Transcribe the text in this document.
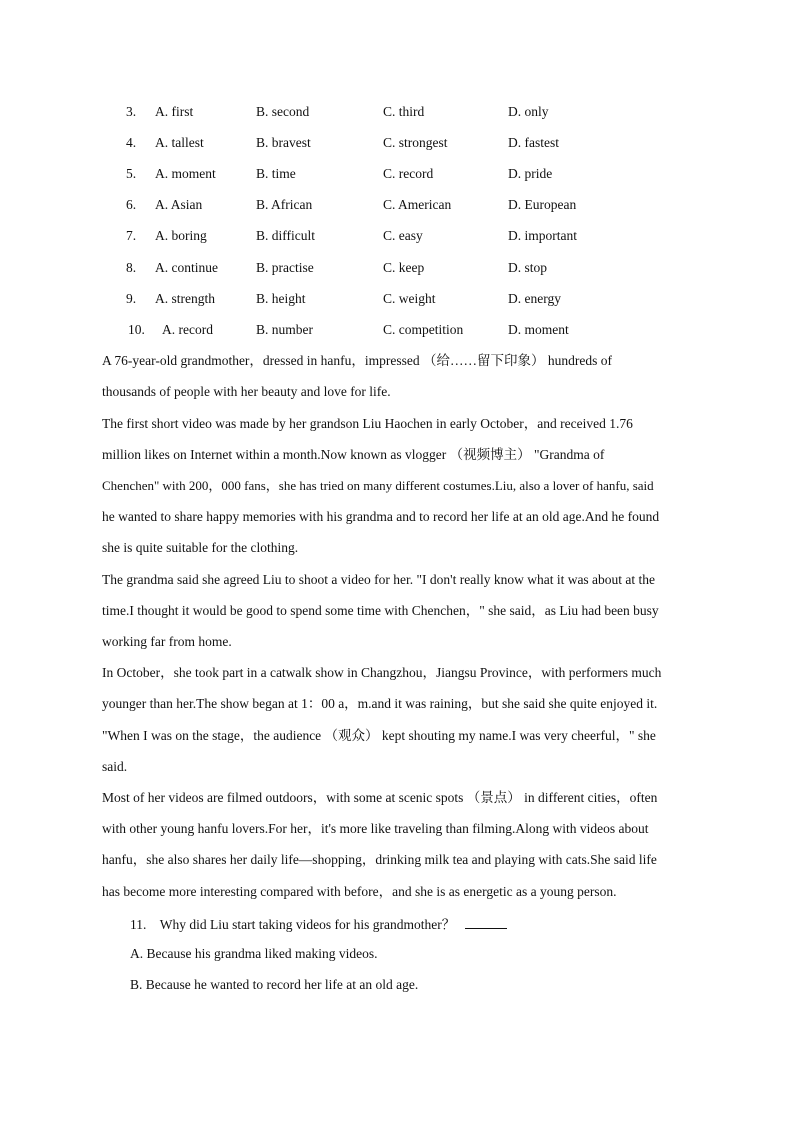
3. A. first	B. second	C. third	D. only
4. A. tallest	B. bravest	C. strongest	D. fastest
5. A. moment	B. time	C. record	D. pride
6. A. Asian	B. African	C. American	D. European
7. A. boring	B. difficult	C. easy	D. important
8. A. continue	B. practise	C. keep	D. stop
9. A. strength	B. height	C. weight	D. energy
10. A. record	B. number	C. competition	D. moment
A 76-year-old grandmother，dressed in hanfu，impressed （给……留下印象） hundreds of
thousands of people with her beauty and love for life.
The first short video was made by her grandson Liu Haochen in early October，and received 1.76
million likes on Internet within a month.Now known as vlogger （视频博主） "Grandma of
Chenchen" with 200，000 fans，she has tried on many different costumes.Liu, also a lover of hanfu, said
he wanted to share happy memories with his grandma and to record her life at an old age.And he found
she is quite suitable for the clothing.
The grandma said she agreed Liu to shoot a video for her. "I don't really know what it was about at the
time.I thought it would be good to spend some time with Chenchen，" she said，as Liu had been busy
working far from home.
In October，she took part in a catwalk show in Changzhou，Jiangsu Province，with performers much
younger than her.The show began at 1：00 a，m.and it was raining，but she said she quite enjoyed it.
"When I was on the stage，the audience （观众） kept shouting my name.I was very cheerful，" she
said.
Most of her videos are filmed outdoors，with some at scenic spots （景点） in different cities，often
with other young hanfu lovers.For her，it's more like traveling than filming.Along with videos about
hanfu，she also shares her daily life—shopping，drinking milk tea and playing with cats.She said life
has become more interesting compared with before，and she is as energetic as a young person.
11. Why did Liu start taking videos for his grandmother？
A. Because his grandma liked making videos.
B. Because he wanted to record her life at an old age.
